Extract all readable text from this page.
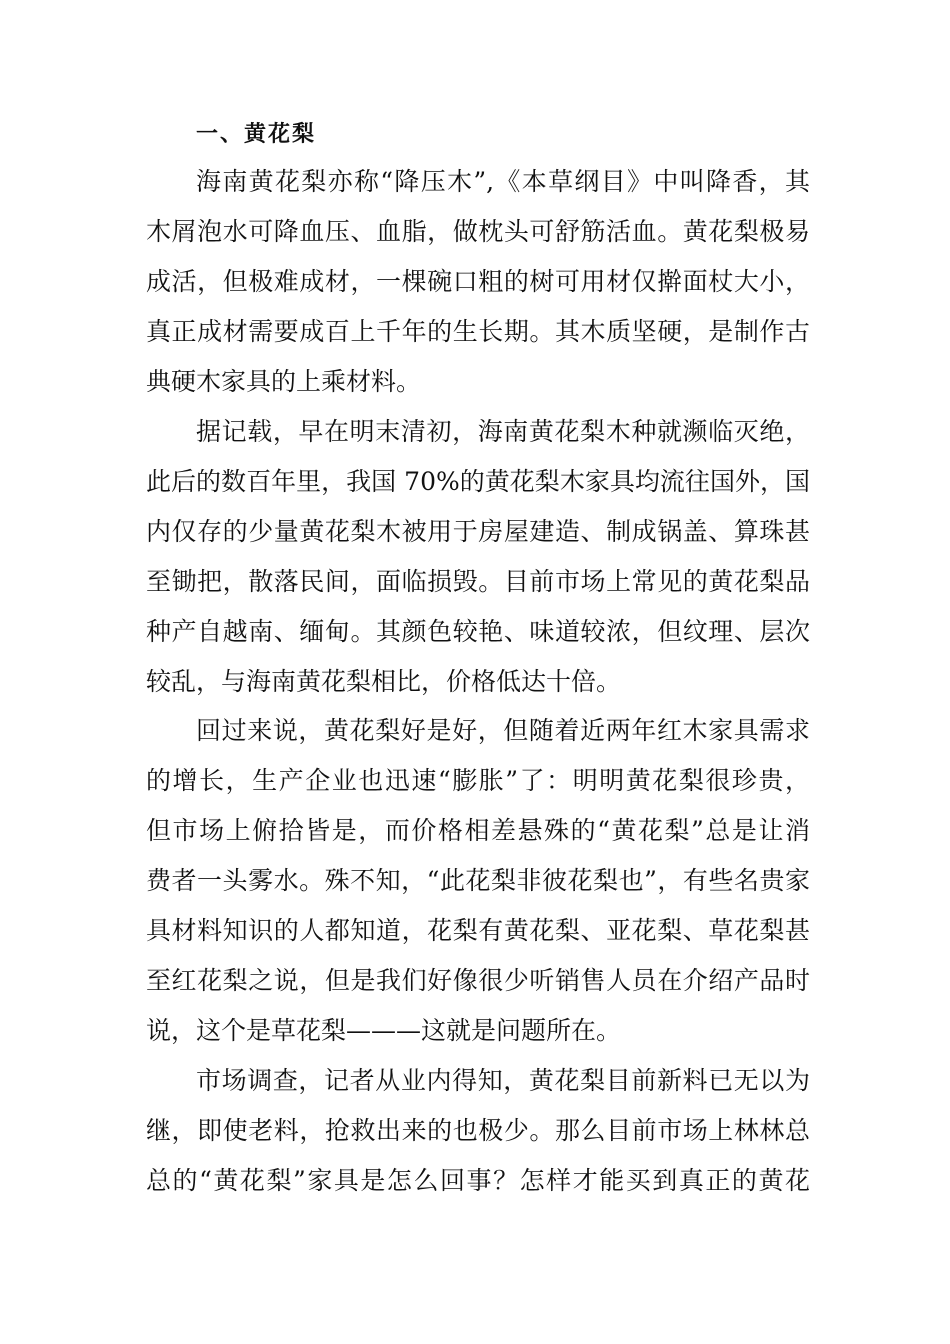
一、黄花梨
海南黄花梨亦称“降压木”,《本草纲目》中叫降香，其
木屑泡水可降血压、血脂，做枕头可舒筋活血。黄花梨极易
成活，但极难成材，一棵碗口粗的树可用材仅擀面杖大小，
真正成材需要成百上千年的生长期。其木质坚硬，是制作古
典硬木家具的上乘材料。
据记载，早在明末清初，海南黄花梨木种就濒临灭绝，
此后的数百年里，我国 70%的黄花梨木家具均流往国外，国
内仅存的少量黄花梨木被用于房屋建造、制成锅盖、算珠甚
至锄把，散落民间，面临损毁。目前市场上常见的黄花梨品
种产自越南、缅甸。其颜色较艳、味道较浓，但纹理、层次
较乱，与海南黄花梨相比，价格低达十倍。
回过来说，黄花梨好是好，但随着近两年红木家具需求
的增长，生产企业也迅速“膨胀”了：明明黄花梨很珍贵，
但市场上俯拾皆是，而价格相差悬殊的“黄花梨”总是让消
费者一头雾水。殊不知，“此花梨非彼花梨也”，有些名贵家
具材料知识的人都知道，花梨有黄花梨、亚花梨、草花梨甚
至红花梨之说，但是我们好像很少听销售人员在介绍产品时
说，这个是草花梨———这就是问题所在。
市场调查，记者从业内得知，黄花梨目前新料已无以为
继，即使老料，抢救出来的也极少。那么目前市场上林林总
总的“黄花梨”家具是怎么回事？怎样才能买到真正的黄花
